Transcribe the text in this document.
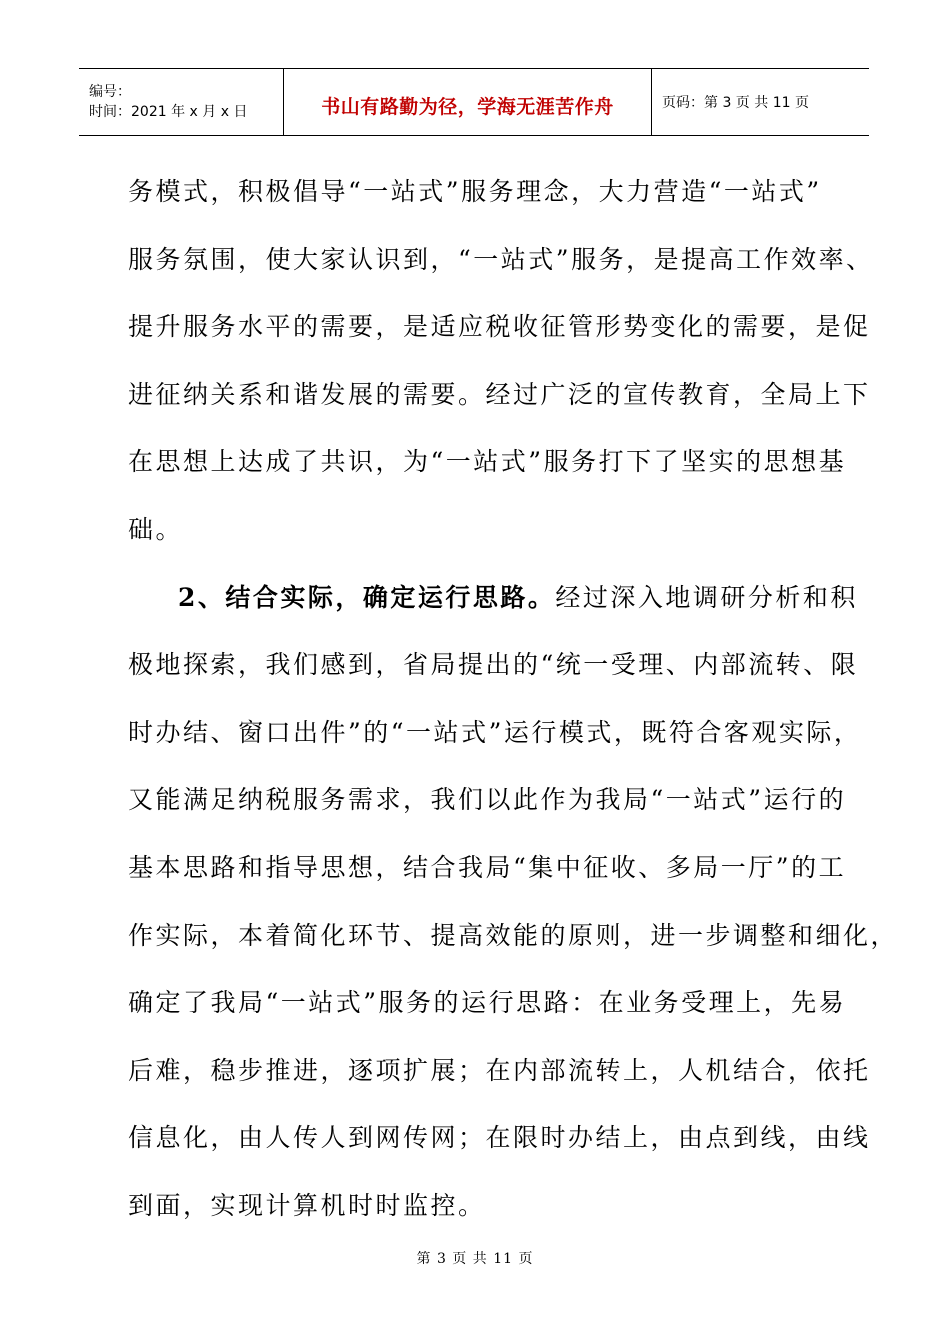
编号：
时间：2021 年 x 月 x 日	书山有路勤为径，学海无涯苦作舟	页码：第 3 页 共 11 页
务模式，积极倡导“一站式”服务理念，大力营造“一站式”
服务氛围，使大家认识到，“一站式”服务，是提高工作效率、
提升服务水平的需要，是适应税收征管形势变化的需要，是促
进征纳关系和谐发展的需要。经过广泛的宣传教育，全局上下
在思想上达成了共识，为“一站式”服务打下了坚实的思想基
础。
2、结合实际，确定运行思路。经过深入地调研分析和积
极地探索，我们感到，省局提出的“统一受理、内部流转、限
时办结、窗口出件”的“一站式”运行模式，既符合客观实际，
又能满足纳税服务需求，我们以此作为我局“一站式”运行的
基本思路和指导思想，结合我局“集中征收、多局一厅”的工
作实际，本着简化环节、提高效能的原则，进一步调整和细化，
确定了我局“一站式”服务的运行思路：在业务受理上，先易
后难，稳步推进，逐项扩展；在内部流转上，人机结合，依托
信息化，由人传人到网传网；在限时办结上，由点到线，由线
到面，实现计算机时时监控。
第 3 页 共 11 页
